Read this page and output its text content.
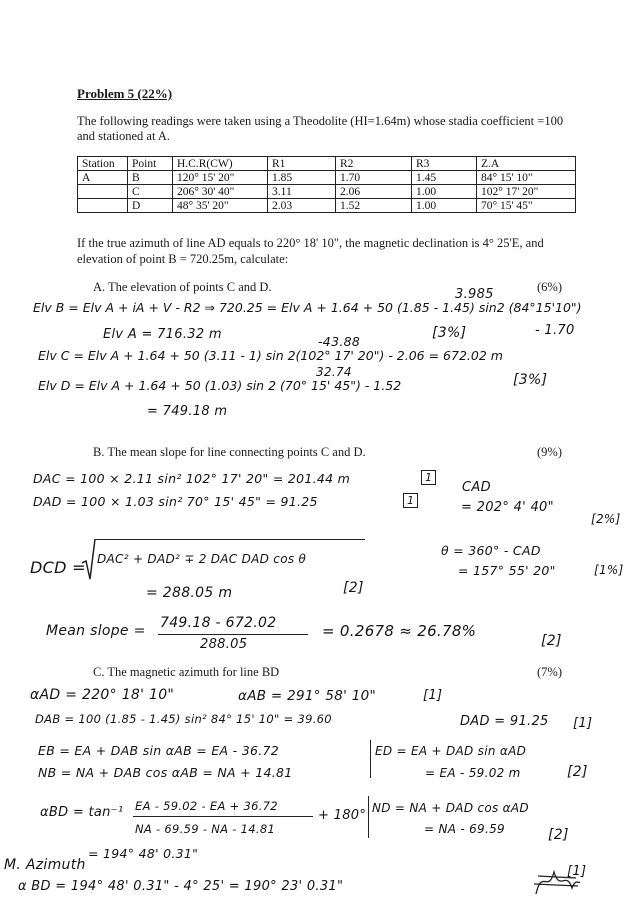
Problem 5 (22%)
The following readings were taken using a Theodolite (HI=1.64m) whose stadia coefficient =100
and stationed at A.
Station	Point	H.C.R(CW)	R1	R2	R3	Z.A
A	B	120° 15' 20"	1.85	1.70	1.45	84° 15' 10"
	C	206° 30' 40"	3.11	2.06	1.00	102° 17' 20"
	D	48° 35' 20"	2.03	1.52	1.00	70° 15' 45"
If the true azimuth of line AD equals to 220° 18' 10", the magnetic declination is 4° 25'E, and
elevation of point B = 720.25m, calculate:
A. The elevation of points C and D.	(6%)
3.985
Elv B = Elv A + iA + V - R2 ⇒ 720.25 = Elv A + 1.64 + 50 (1.85 - 1.45) sin2 (84°15'10")
Elv A = 716.32 m	-43.88
[3%]	- 1.70
Elv C = Elv A + 1.64 + 50 (3.11 - 1) sin 2(102° 17' 20") - 2.06 = 672.02 m
32.74
Elv D = Elv A + 1.64 + 50 (1.03) sin 2 (70° 15' 45") - 1.52	[3%]
= 749.18 m
B. The mean slope for line connecting points C and D.	(9%)
DAC = 100 × 2.11 sin² 102° 17' 20" = 201.44 m	1
CAD
DAD = 100 × 1.03 sin² 70° 15' 45" = 91.25	1	= 202° 4' 40"
[2%]
DCD = DAC² + DAD² ∓ 2 DAC DAD cos θ
θ = 360° - CAD
= 157° 55' 20"	[1%]
= 288.05 m	[2]
Mean slope = 749.18 - 672.02
288.05
= 0.2678 ≈ 26.78%
[2]
C. The magnetic azimuth for line BD	(7%)
αAD = 220° 18' 10"	αAB = 291° 58' 10"	[1]
DAB = 100 (1.85 - 1.45) sin² 84° 15' 10" = 39.60	DAD = 91.25 [1]
EB = EA + DAB sin αAB = EA - 36.72
NB = NA + DAB cos αAB = NA + 14.81
ED = EA + DAD sin αAD
= EA - 59.02 m	[2]
αBD = tan⁻¹ EA - 59.02 - EA + 36.72
NA - 69.59 - NA - 14.81
+ 180° ND = NA + DAD cos αAD
= NA - 69.59	[2]
= 194° 48' 0.31"
M. Azimuth
α BD = 194° 48' 0.31" - 4° 25' = 190° 23' 0.31"
[1]
